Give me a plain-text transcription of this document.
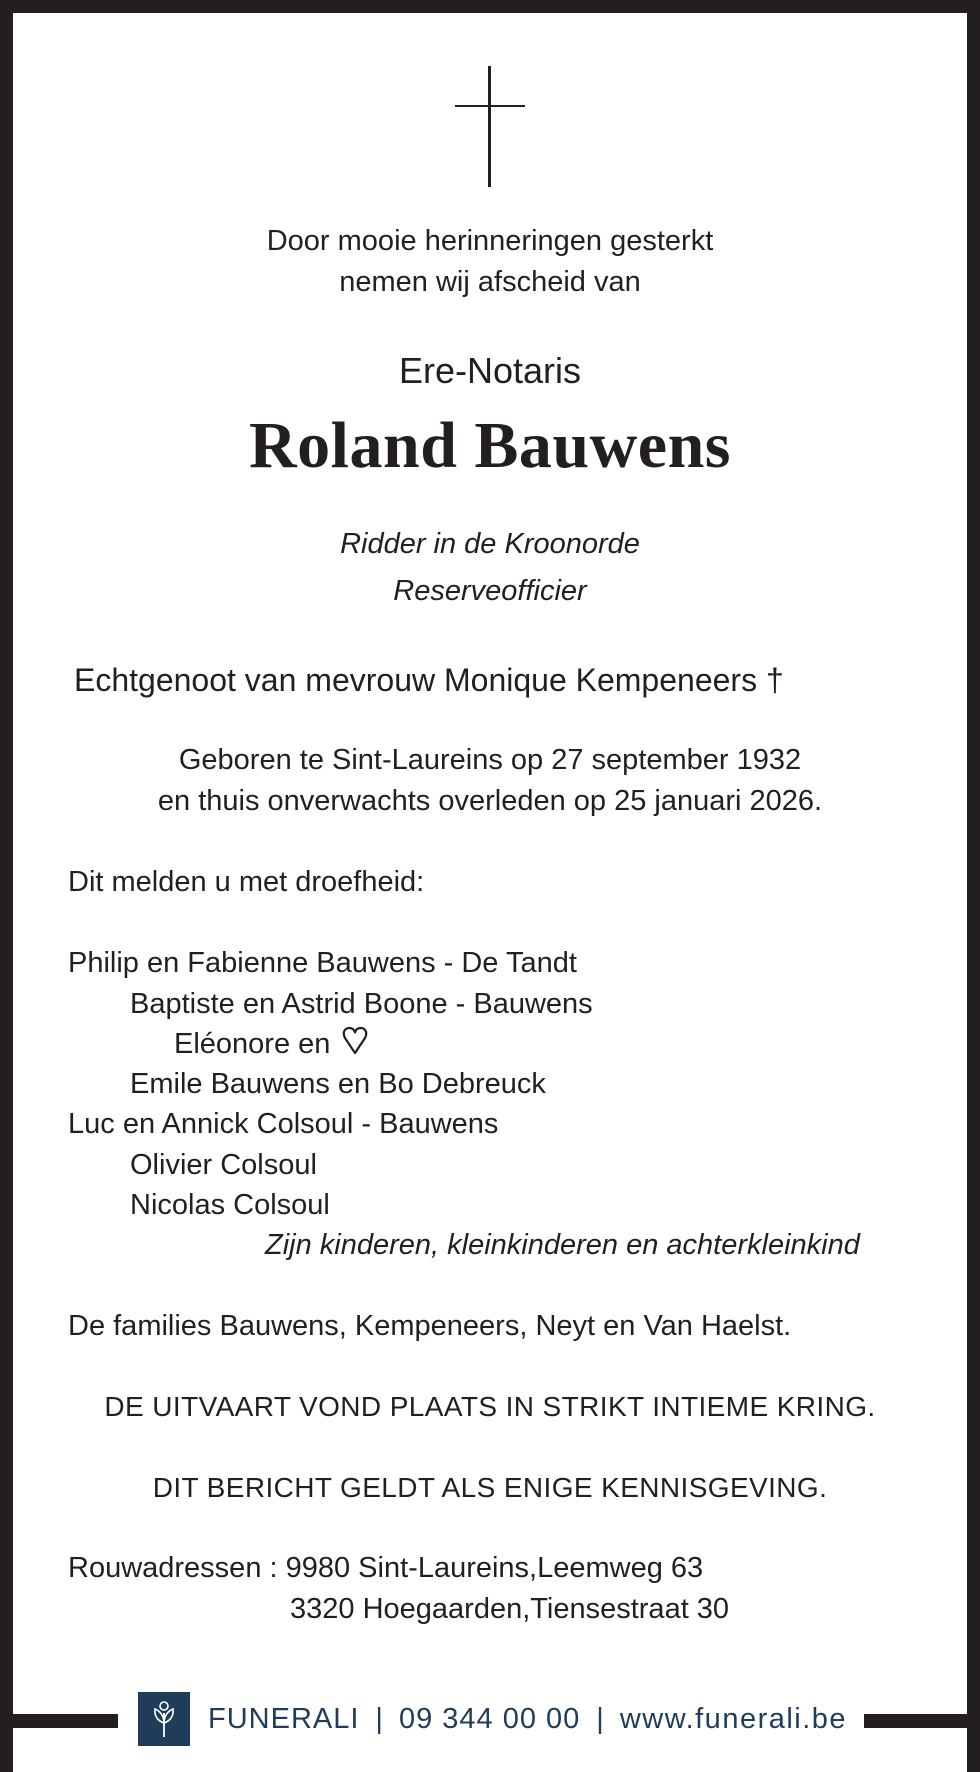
Door mooie herinneringen gesterkt
nemen wij afscheid van
Ere-Notaris
Roland Bauwens
Ridder in de Kroonorde
Reserveofficier
Echtgenoot van mevrouw Monique Kempeneers †
Geboren te Sint-Laureins op 27 september 1932
en thuis onverwachts overleden op 25 januari 2026.
Dit melden u met droefheid:
Philip en Fabienne Bauwens - De Tandt
Baptiste en Astrid Boone - Bauwens
Eléonore en
Emile Bauwens en Bo Debreuck
Luc en Annick Colsoul - Bauwens
Olivier Colsoul
Nicolas Colsoul
Zijn kinderen, kleinkinderen en achterkleinkind
De families Bauwens, Kempeneers, Neyt en Van Haelst.
DE UITVAART VOND PLAATS IN STRIKT INTIEME KRING.
DIT BERICHT GELDT ALS ENIGE KENNISGEVING.
Rouwadressen : 9980 Sint-Laureins,Leemweg 63
3320 Hoegaarden,Tiensestraat 30
FUNERALI | 09 344 00 00 | www.funerali.be
